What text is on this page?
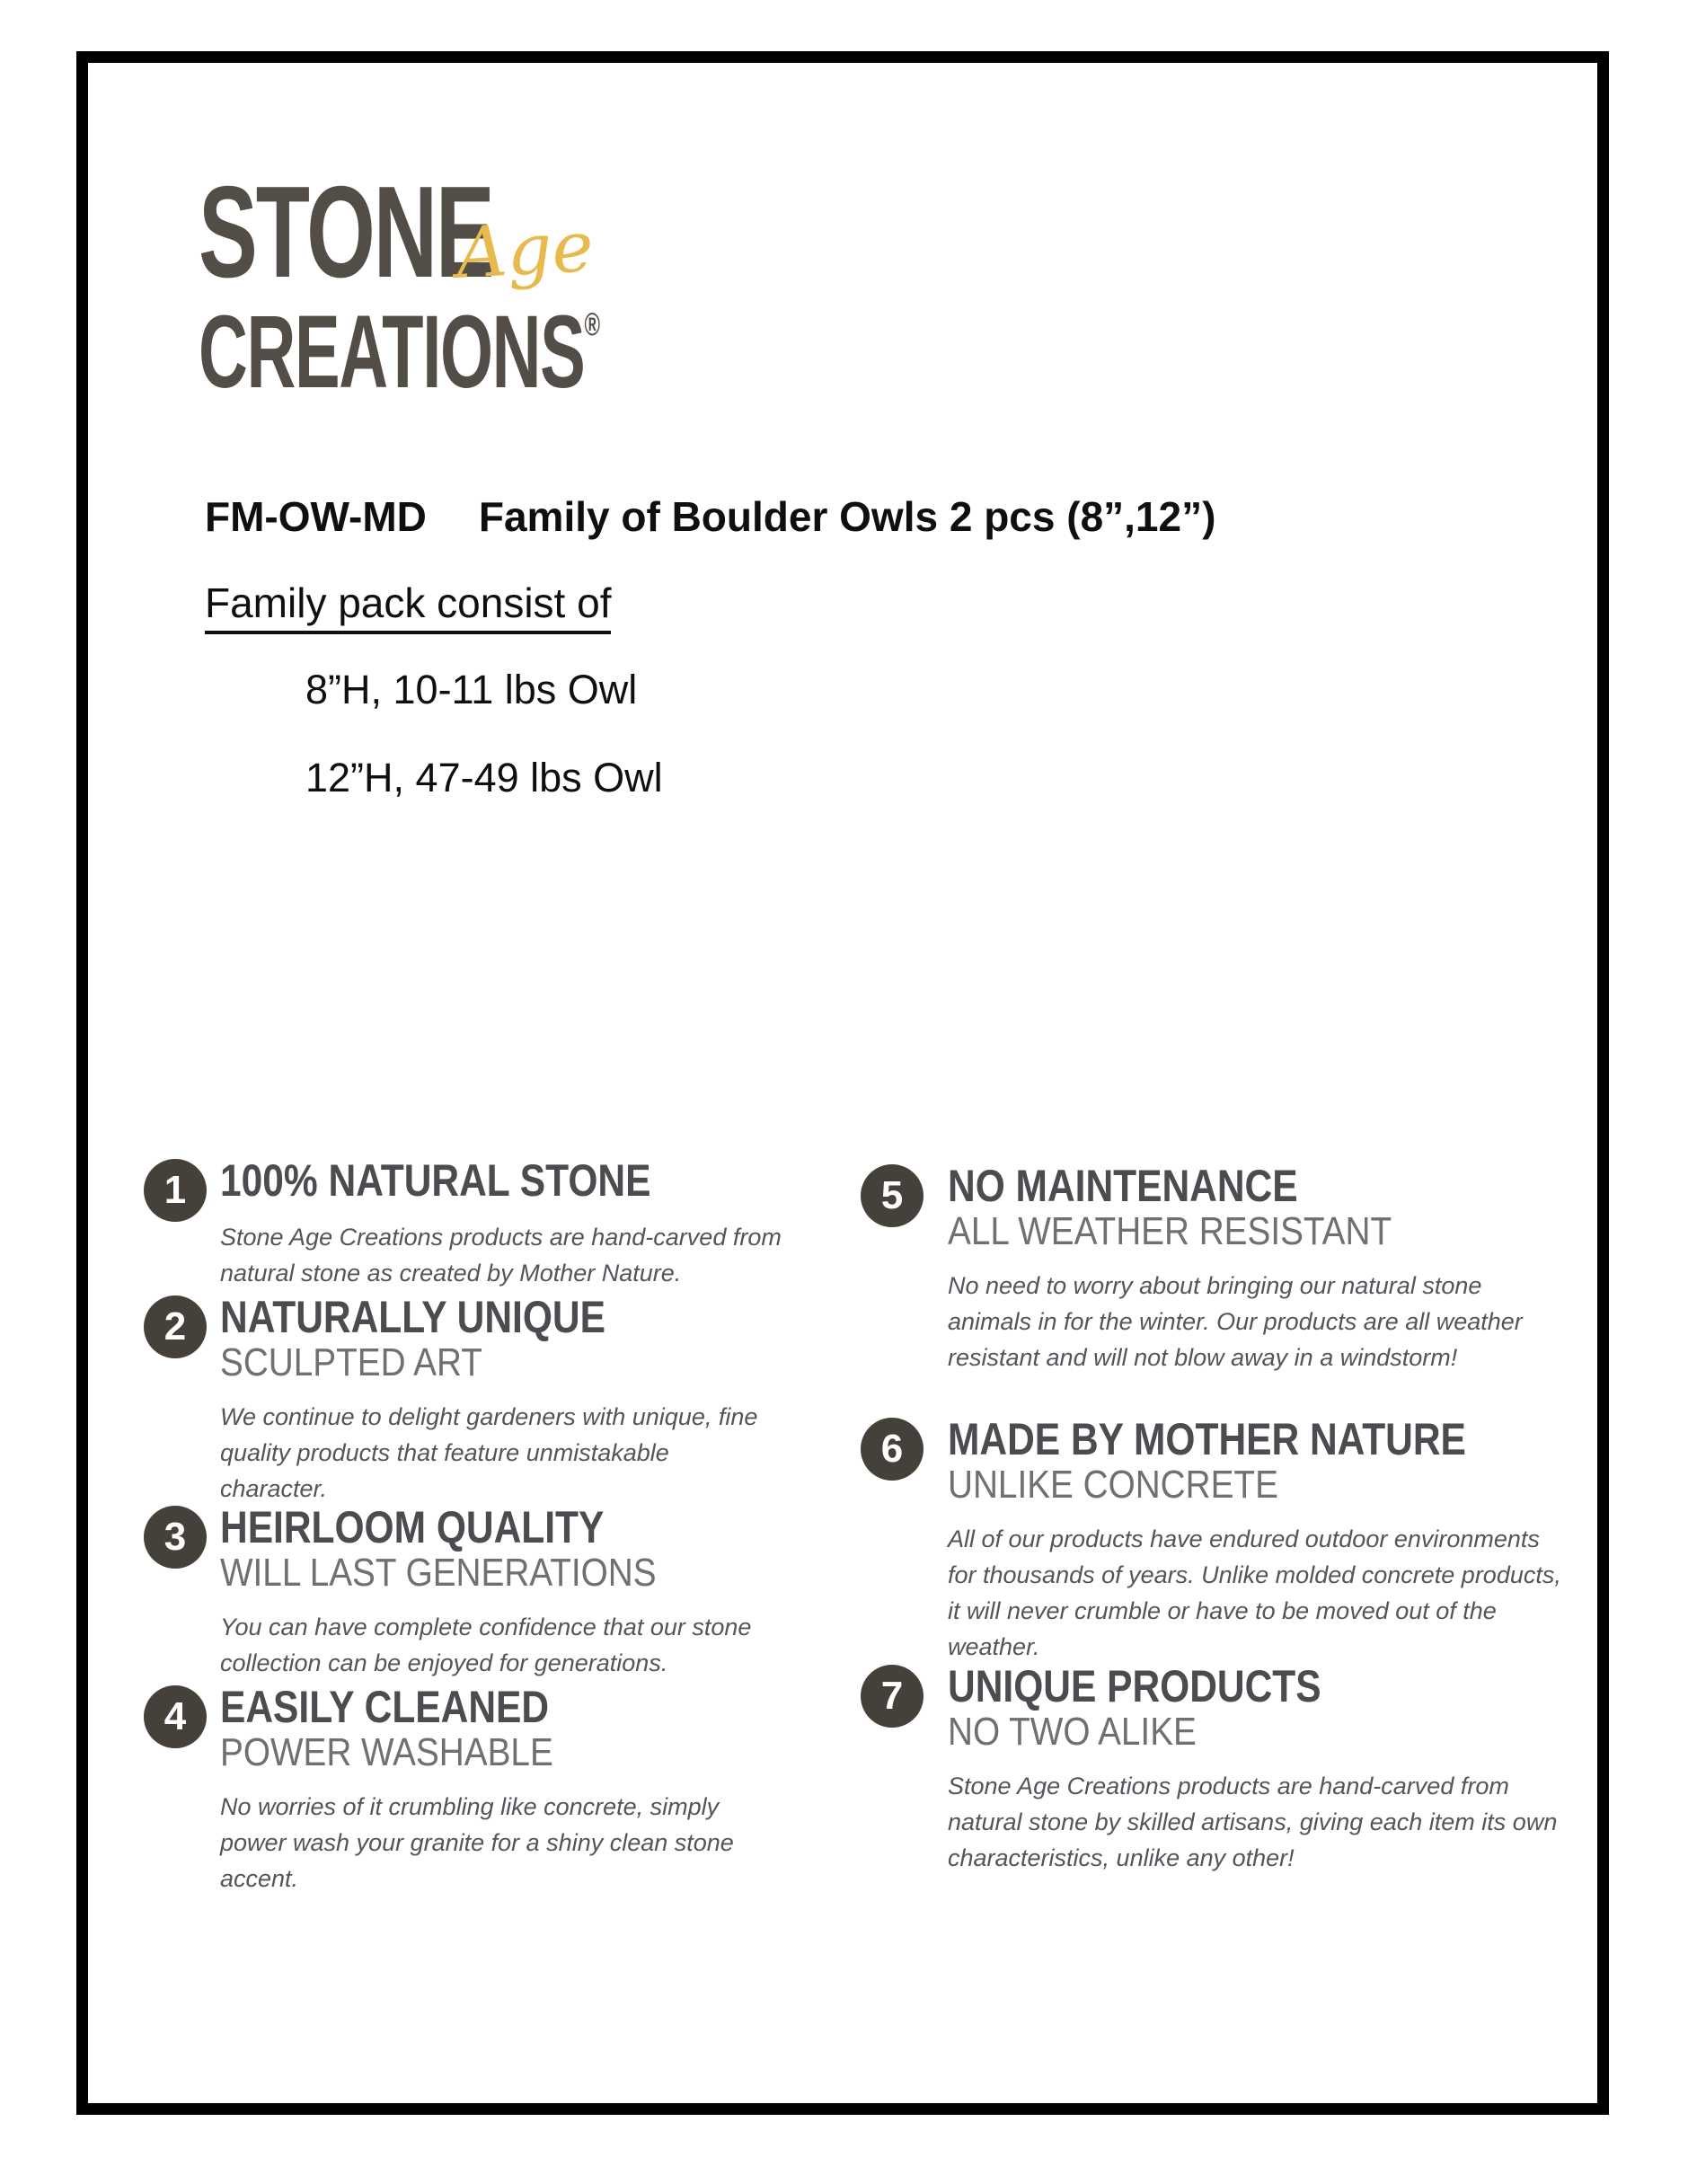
STONE
Age
CREATIONS®
FM-OW-MD Family of Boulder Owls 2 pcs (8”,12”)
Family pack consist of
8”H, 10-11 lbs Owl
12”H, 47-49 lbs Owl
1 100% NATURAL STONE
Stone Age Creations products are hand-carved from natural stone as created by Mother Nature.
2 NATURALLY UNIQUE
SCULPTED ART
We continue to delight gardeners with unique, fine quality products that feature unmistakable character.
3 HEIRLOOM QUALITY
WILL LAST GENERATIONS
You can have complete confidence that our stone collection can be enjoyed for generations.
4 EASILY CLEANED
POWER WASHABLE
No worries of it crumbling like concrete, simply power wash your granite for a shiny clean stone accent.
5 NO MAINTENANCE
ALL WEATHER RESISTANT
No need to worry about bringing our natural stone animals in for the winter. Our products are all weather resistant and will not blow away in a windstorm!
6 MADE BY MOTHER NATURE
UNLIKE CONCRETE
All of our products have endured outdoor environments for thousands of years. Unlike molded concrete products, it will never crumble or have to be moved out of the weather.
7 UNIQUE PRODUCTS
NO TWO ALIKE
Stone Age Creations products are hand-carved from natural stone by skilled artisans, giving each item its own characteristics, unlike any other!
